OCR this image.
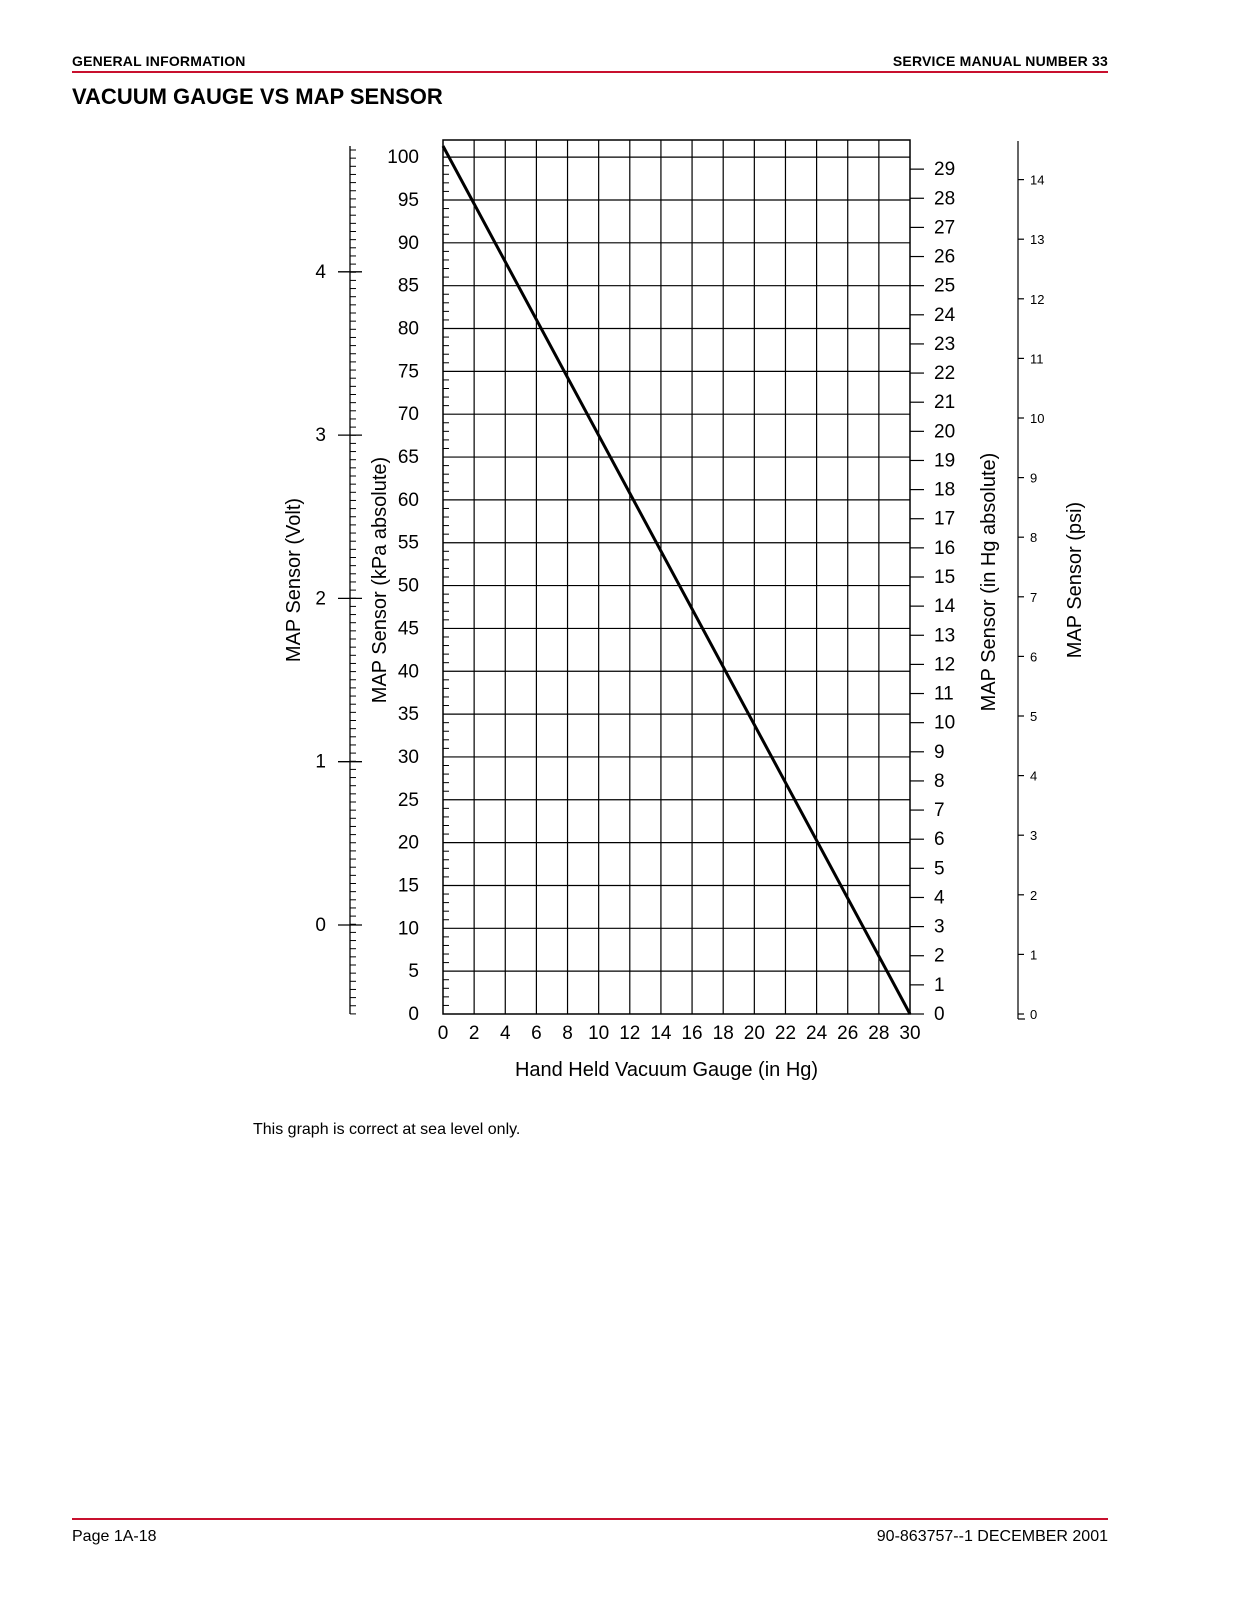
GENERAL INFORMATION	SERVICE MANUAL NUMBER 33
VACUUM GAUGE VS MAP SENSOR
0
5
10
15
20
25
30
35
40
45
50
55
60
65
70
75
80
85
90
95
100
0 2 4 6 8 10 12 14 16 18 20 22 24 26 28 30
Hand Held Vacuum Gauge (in Hg)
MAP Sensor (kPa absolute)
0
1
2
3
4
MAP Sensor (Volt)
0
1
2
3
4
5
6
7
8
9
10
11
12
13
14
15
16
17
18
19
20
21
22
23
24
25
26
27
28
29
MAP Sensor (in Hg absolute)
0
1
2
3
4
5
6
7
8
9
10
11
12
13
14
MAP Sensor (psi)
This graph is correct at sea level only.
Page 1A-18	90-863757--1 DECEMBER 2001
